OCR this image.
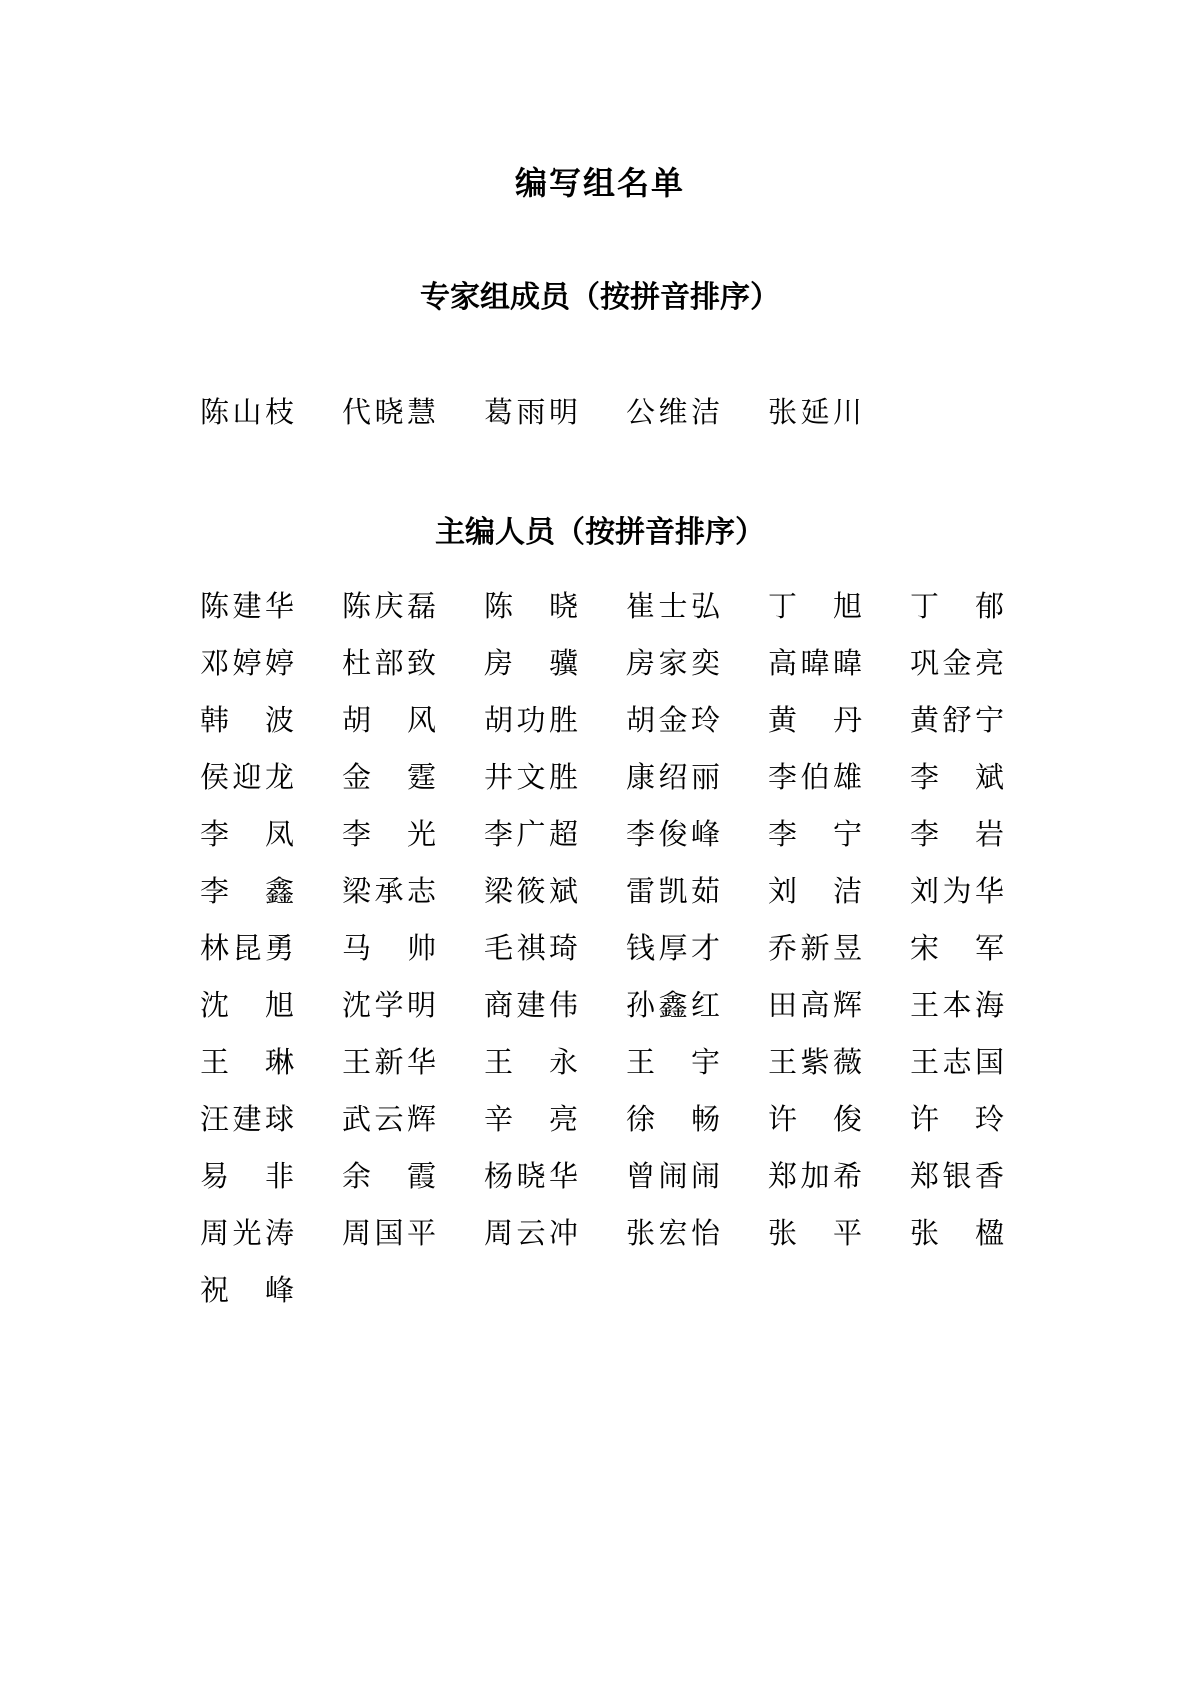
编写组名单
专家组成员（按拼音排序）
陈 山 枝 代 晓 慧 葛 雨 明 公 维 洁 张 延 川
主编人员（按拼音排序）
陈 建 华 陈 庆 磊 陈 晓 崔 士 弘 丁 旭 丁 郁
邓 婷 婷 杜 部 致 房 骥 房 家 奕 高 暐 暐 巩 金 亮
韩 波 胡 风 胡 功 胜 胡 金 玲 黄 丹 黄 舒 宁
侯 迎 龙 金 霆 井 文 胜 康 绍 丽 李 伯 雄 李 斌
李 凤 李 光 李 广 超 李 俊 峰 李 宁 李 岩
李 鑫 梁 承 志 梁 筱 斌 雷 凯 茹 刘 洁 刘 为 华
林 昆 勇 马 帅 毛 祺 琦 钱 厚 才 乔 新 昱 宋 军
沈 旭 沈 学 明 商 建 伟 孙 鑫 红 田 高 辉 王 本 海
王 琳 王 新 华 王 永 王 宇 王 紫 薇 王 志 国
汪 建 球 武 云 辉 辛 亮 徐 畅 许 俊 许 玲
易 非 余 霞 杨 晓 华 曾 闹 闹 郑 加 希 郑 银 香
周 光 涛 周 国 平 周 云 冲 张 宏 怡 张 平 张 楹
祝 峰
